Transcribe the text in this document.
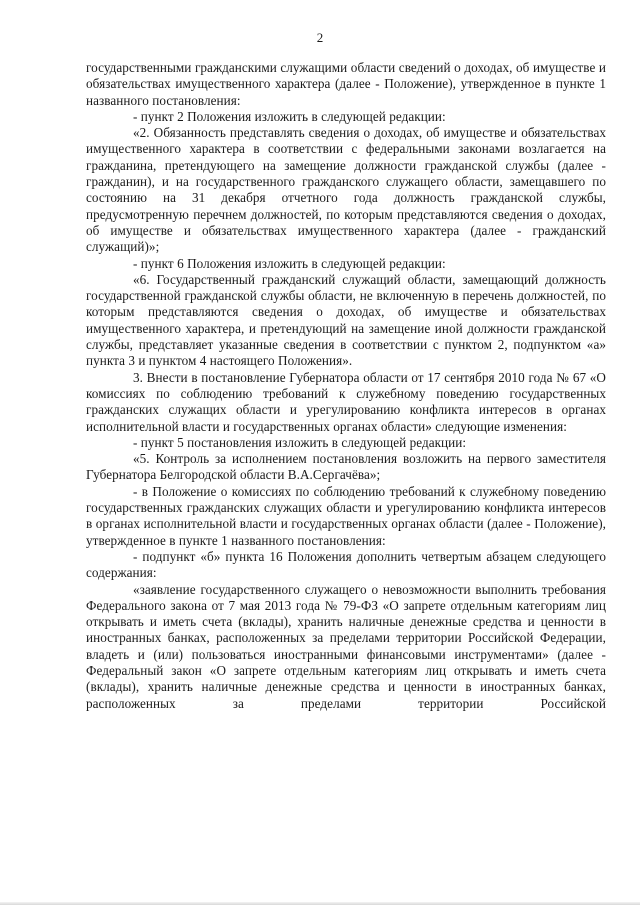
2

государственными гражданскими служащими области сведений о доходах, об имуществе и обязательствах имущественного характера (далее - Положение), утвержденное в пункте 1 названного постановления:

- пункт 2 Положения изложить в следующей редакции:

«2. Обязанность представлять сведения о доходах, об имуществе и обязательствах имущественного характера в соответствии с федеральными законами возлагается на гражданина, претендующего на замещение должности гражданской службы (далее - гражданин), и на государственного гражданского служащего области, замещавшего по состоянию на 31 декабря отчетного года должность гражданской службы, предусмотренную перечнем должностей, по которым представляются сведения о доходах, об имуществе и обязательствах имущественного характера (далее - гражданский служащий)»;

- пункт 6 Положения изложить в следующей редакции:

«6. Государственный гражданский служащий области, замещающий должность государственной гражданской службы области, не включенную в перечень должностей, по которым представляются сведения о доходах, об имуществе и обязательствах имущественного характера, и претендующий на замещение иной должности гражданской службы, представляет указанные сведения в соответствии с пунктом 2, подпунктом «а» пункта 3 и пунктом 4 настоящего Положения».

3. Внести в постановление Губернатора области от 17 сентября 2010 года № 67 «О комиссиях по соблюдению требований к служебному поведению государственных гражданских служащих области и урегулированию конфликта интересов в органах исполнительной власти и государственных органах области» следующие изменения:

- пункт 5 постановления изложить в следующей редакции:

«5. Контроль за исполнением постановления возложить на первого заместителя Губернатора Белгородской области В.А.Сергачёва»;

- в Положение о комиссиях по соблюдению требований к служебному поведению государственных гражданских служащих области и урегулированию конфликта интересов в органах исполнительной власти и государственных органах области (далее - Положение), утвержденное в пункте 1 названного постановления:

- подпункт «б» пункта 16 Положения дополнить четвертым абзацем следующего содержания:

«заявление государственного служащего о невозможности выполнить требования Федерального закона от 7 мая 2013 года № 79-ФЗ «О запрете отдельным категориям лиц открывать и иметь счета (вклады), хранить наличные денежные средства и ценности в иностранных банках, расположенных за пределами территории Российской Федерации, владеть и (или) пользоваться иностранными финансовыми инструментами» (далее - Федеральный закон «О запрете отдельным категориям лиц открывать и иметь счета (вклады), хранить наличные денежные средства и ценности в иностранных банках, расположенных за пределами территории Российской
